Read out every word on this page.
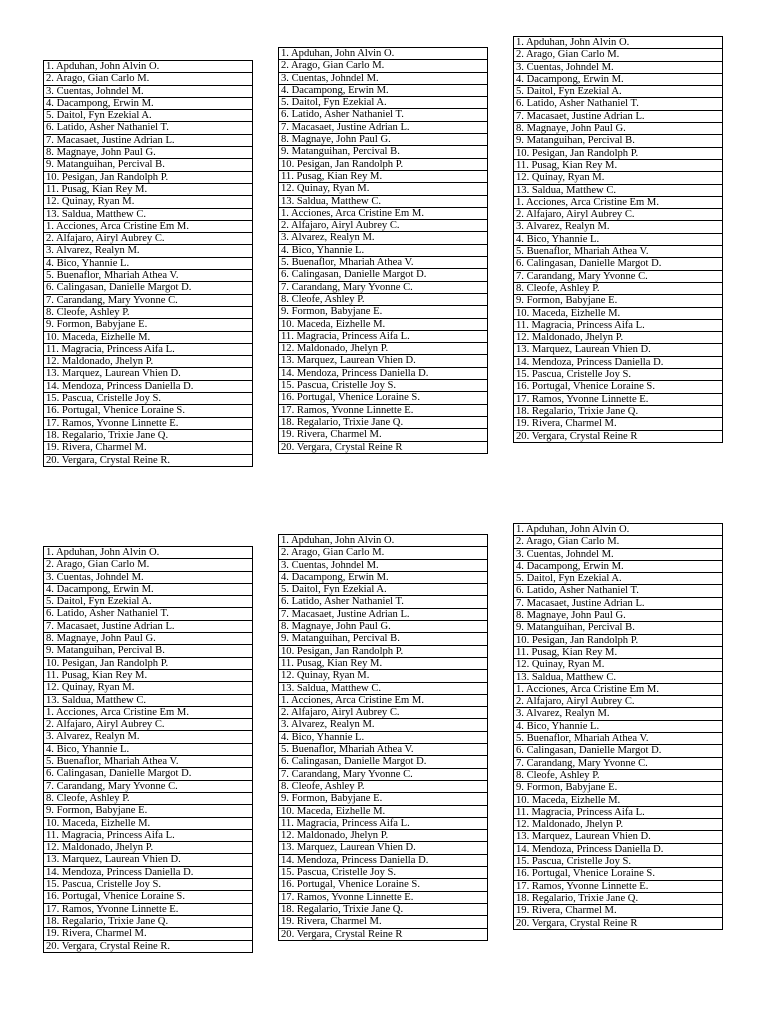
1. Apduhan, John Alvin O.
2. Arago, Gian Carlo M.
3. Cuentas, Johndel M.
4. Dacampong, Erwin M.
5. Daitol, Fyn Ezekial A.
6. Latido, Asher Nathaniel T.
7. Macasaet, Justine Adrian L.
8. Magnaye, John Paul G.
9. Matanguihan, Percival B.
10. Pesigan, Jan Randolph P.
11. Pusag, Kian Rey M.
12. Quinay, Ryan M.
13. Saldua, Matthew C.
1. Acciones, Arca Cristine Em M.
2. Alfajaro, Airyl Aubrey C.
3. Alvarez, Realyn M.
4. Bico, Yhannie L.
5. Buenaflor, Mhariah Athea V.
6. Calingasan, Danielle Margot D.
7. Carandang, Mary Yvonne C.
8. Cleofe, Ashley P.
9. Formon, Babyjane E.
10. Maceda, Eizhelle M.
11. Magracia, Princess Aifa L.
12. Maldonado, Jhelyn P.
13. Marquez, Laurean Vhien D.
14. Mendoza, Princess Daniella D.
15. Pascua, Cristelle Joy S.
16. Portugal, Vhenice Loraine S.
17. Ramos, Yvonne Linnette E.
18. Regalario, Trixie Jane Q.
19. Rivera, Charmel M.
20. Vergara, Crystal Reine R.
1. Apduhan, John Alvin O.
2. Arago, Gian Carlo M.
3. Cuentas, Johndel M.
4. Dacampong, Erwin M.
5. Daitol, Fyn Ezekial A.
6. Latido, Asher Nathaniel T.
7. Macasaet, Justine Adrian L.
8. Magnaye, John Paul G.
9. Matanguihan, Percival B.
10. Pesigan, Jan Randolph P.
11. Pusag, Kian Rey M.
12. Quinay, Ryan M.
13. Saldua, Matthew C.
1. Acciones, Arca Cristine Em M.
2. Alfajaro, Airyl Aubrey C.
3. Alvarez, Realyn M.
4. Bico, Yhannie L.
5. Buenaflor, Mhariah Athea V.
6. Calingasan, Danielle Margot D.
7. Carandang, Mary Yvonne C.
8. Cleofe, Ashley P.
9. Formon, Babyjane E.
10. Maceda, Eizhelle M.
11. Magracia, Princess Aifa L.
12. Maldonado, Jhelyn P.
13. Marquez, Laurean Vhien D.
14. Mendoza, Princess Daniella D.
15. Pascua, Cristelle Joy S.
16. Portugal, Vhenice Loraine S.
17. Ramos, Yvonne Linnette E.
18. Regalario, Trixie Jane Q.
19. Rivera, Charmel M.
20. Vergara, Crystal Reine R
1. Apduhan, John Alvin O.
2. Arago, Gian Carlo M.
3. Cuentas, Johndel M.
4. Dacampong, Erwin M.
5. Daitol, Fyn Ezekial A.
6. Latido, Asher Nathaniel T.
7. Macasaet, Justine Adrian L.
8. Magnaye, John Paul G.
9. Matanguihan, Percival B.
10. Pesigan, Jan Randolph P.
11. Pusag, Kian Rey M.
12. Quinay, Ryan M.
13. Saldua, Matthew C.
1. Acciones, Arca Cristine Em M.
2. Alfajaro, Airyl Aubrey C.
3. Alvarez, Realyn M.
4. Bico, Yhannie L.
5. Buenaflor, Mhariah Athea V.
6. Calingasan, Danielle Margot D.
7. Carandang, Mary Yvonne C.
8. Cleofe, Ashley P.
9. Formon, Babyjane E.
10. Maceda, Eizhelle M.
11. Magracia, Princess Aifa L.
12. Maldonado, Jhelyn P.
13. Marquez, Laurean Vhien D.
14. Mendoza, Princess Daniella D.
15. Pascua, Cristelle Joy S.
16. Portugal, Vhenice Loraine S.
17. Ramos, Yvonne Linnette E.
18. Regalario, Trixie Jane Q.
19. Rivera, Charmel M.
20. Vergara, Crystal Reine R
1. Apduhan, John Alvin O.
2. Arago, Gian Carlo M.
3. Cuentas, Johndel M.
4. Dacampong, Erwin M.
5. Daitol, Fyn Ezekial A.
6. Latido, Asher Nathaniel T.
7. Macasaet, Justine Adrian L.
8. Magnaye, John Paul G.
9. Matanguihan, Percival B.
10. Pesigan, Jan Randolph P.
11. Pusag, Kian Rey M.
12. Quinay, Ryan M.
13. Saldua, Matthew C.
1. Acciones, Arca Cristine Em M.
2. Alfajaro, Airyl Aubrey C.
3. Alvarez, Realyn M.
4. Bico, Yhannie L.
5. Buenaflor, Mhariah Athea V.
6. Calingasan, Danielle Margot D.
7. Carandang, Mary Yvonne C.
8. Cleofe, Ashley P.
9. Formon, Babyjane E.
10. Maceda, Eizhelle M.
11. Magracia, Princess Aifa L.
12. Maldonado, Jhelyn P.
13. Marquez, Laurean Vhien D.
14. Mendoza, Princess Daniella D.
15. Pascua, Cristelle Joy S.
16. Portugal, Vhenice Loraine S.
17. Ramos, Yvonne Linnette E.
18. Regalario, Trixie Jane Q.
19. Rivera, Charmel M.
20. Vergara, Crystal Reine R.
1. Apduhan, John Alvin O.
2. Arago, Gian Carlo M.
3. Cuentas, Johndel M.
4. Dacampong, Erwin M.
5. Daitol, Fyn Ezekial A.
6. Latido, Asher Nathaniel T.
7. Macasaet, Justine Adrian L.
8. Magnaye, John Paul G.
9. Matanguihan, Percival B.
10. Pesigan, Jan Randolph P.
11. Pusag, Kian Rey M.
12. Quinay, Ryan M.
13. Saldua, Matthew C.
1. Acciones, Arca Cristine Em M.
2. Alfajaro, Airyl Aubrey C.
3. Alvarez, Realyn M.
4. Bico, Yhannie L.
5. Buenaflor, Mhariah Athea V.
6. Calingasan, Danielle Margot D.
7. Carandang, Mary Yvonne C.
8. Cleofe, Ashley P.
9. Formon, Babyjane E.
10. Maceda, Eizhelle M.
11. Magracia, Princess Aifa L.
12. Maldonado, Jhelyn P.
13. Marquez, Laurean Vhien D.
14. Mendoza, Princess Daniella D.
15. Pascua, Cristelle Joy S.
16. Portugal, Vhenice Loraine S.
17. Ramos, Yvonne Linnette E.
18. Regalario, Trixie Jane Q.
19. Rivera, Charmel M.
20. Vergara, Crystal Reine R
1. Apduhan, John Alvin O.
2. Arago, Gian Carlo M.
3. Cuentas, Johndel M.
4. Dacampong, Erwin M.
5. Daitol, Fyn Ezekial A.
6. Latido, Asher Nathaniel T.
7. Macasaet, Justine Adrian L.
8. Magnaye, John Paul G.
9. Matanguihan, Percival B.
10. Pesigan, Jan Randolph P.
11. Pusag, Kian Rey M.
12. Quinay, Ryan M.
13. Saldua, Matthew C.
1. Acciones, Arca Cristine Em M.
2. Alfajaro, Airyl Aubrey C.
3. Alvarez, Realyn M.
4. Bico, Yhannie L.
5. Buenaflor, Mhariah Athea V.
6. Calingasan, Danielle Margot D.
7. Carandang, Mary Yvonne C.
8. Cleofe, Ashley P.
9. Formon, Babyjane E.
10. Maceda, Eizhelle M.
11. Magracia, Princess Aifa L.
12. Maldonado, Jhelyn P.
13. Marquez, Laurean Vhien D.
14. Mendoza, Princess Daniella D.
15. Pascua, Cristelle Joy S.
16. Portugal, Vhenice Loraine S.
17. Ramos, Yvonne Linnette E.
18. Regalario, Trixie Jane Q.
19. Rivera, Charmel M.
20. Vergara, Crystal Reine R
